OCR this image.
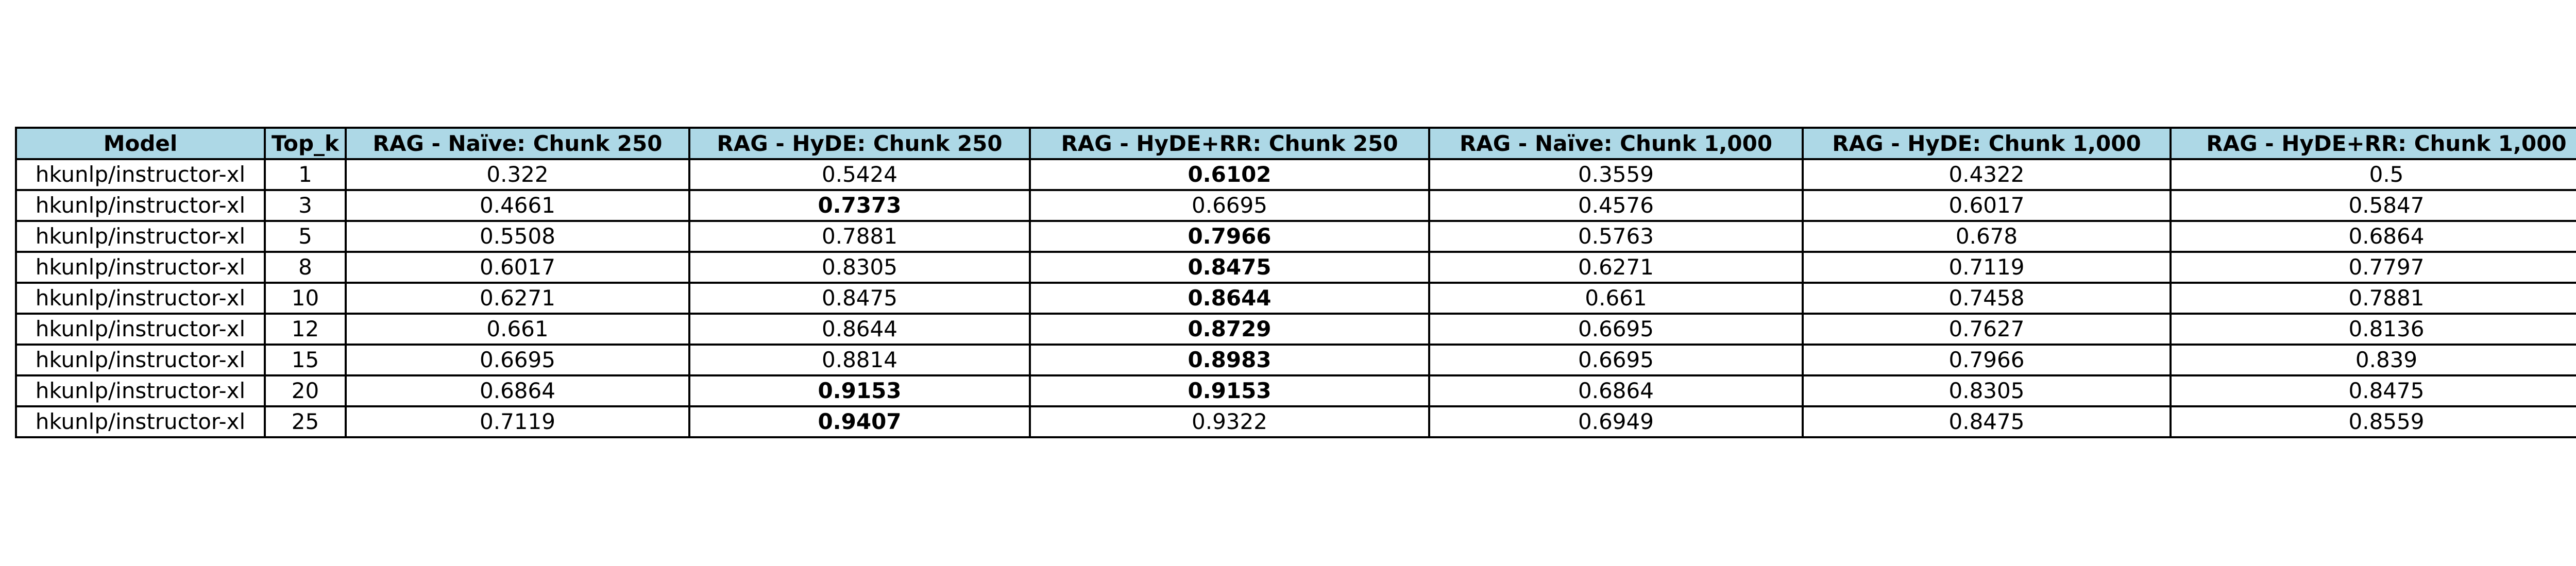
Model	Top_k	RAG - Naïve: Chunk 250	RAG - HyDE: Chunk 250	RAG - HyDE+RR: Chunk 250	RAG - Naïve: Chunk 1,000	RAG - HyDE: Chunk 1,000	RAG - HyDE+RR: Chunk 1,000
hkunlp/instructor-xl	1	0.322	0.5424	0.6102	0.3559	0.4322	0.5
hkunlp/instructor-xl	3	0.4661	0.7373	0.6695	0.4576	0.6017	0.5847
hkunlp/instructor-xl	5	0.5508	0.7881	0.7966	0.5763	0.678	0.6864
hkunlp/instructor-xl	8	0.6017	0.8305	0.8475	0.6271	0.7119	0.7797
hkunlp/instructor-xl	10	0.6271	0.8475	0.8644	0.661	0.7458	0.7881
hkunlp/instructor-xl	12	0.661	0.8644	0.8729	0.6695	0.7627	0.8136
hkunlp/instructor-xl	15	0.6695	0.8814	0.8983	0.6695	0.7966	0.839
hkunlp/instructor-xl	20	0.6864	0.9153	0.9153	0.6864	0.8305	0.8475
hkunlp/instructor-xl	25	0.7119	0.9407	0.9322	0.6949	0.8475	0.8559
